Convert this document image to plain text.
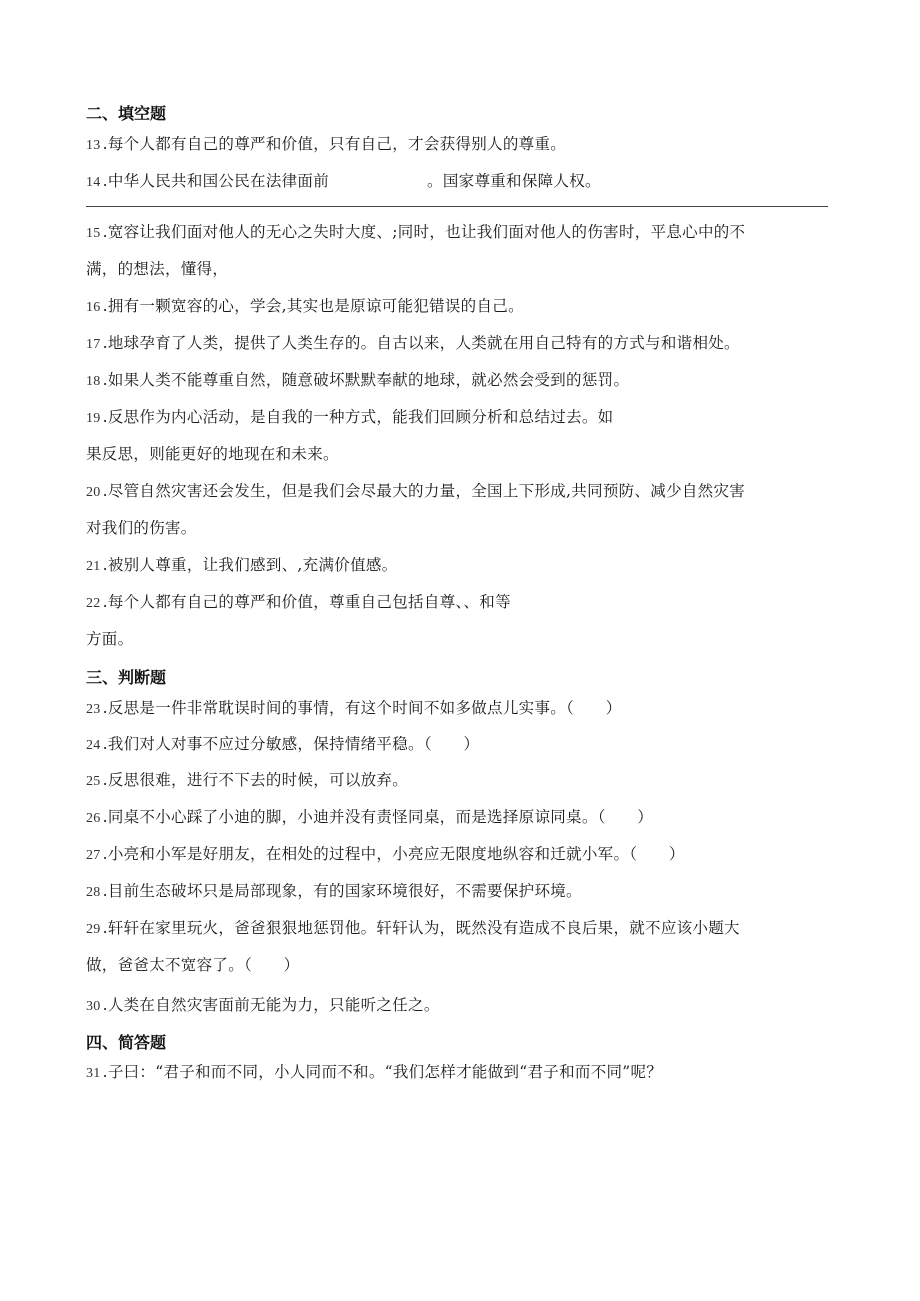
二、填空题
13 .每个人都有自己的尊严和价值，只有自己，才会获得别人的尊重。
14 .中华人民共和国公民在法律面前	。国家尊重和保障人权。
15 .宽容让我们面对他人的无心之失时大度、;同时，也让我们面对他人的伤害时，平息心中的不
满，的想法，懂得，
16 .拥有一颗宽容的心，学会,其实也是原谅可能犯错误的自己。
17 .地球孕育了人类，提供了人类生存的。自古以来，人类就在用自己特有的方式与和谐相处。
18 .如果人类不能尊重自然，随意破坏默默奉献的地球，就必然会受到的惩罚。
19 .反思作为内心活动，是自我的一种方式，能我们回顾分析和总结过去。如
果反思，则能更好的地现在和未来。
20 .尽管自然灾害还会发生，但是我们会尽最大的力量，全国上下形成,共同预防、减少自然灾害
对我们的伤害。
21 .被别人尊重，让我们感到、,充满价值感。
22 .每个人都有自己的尊严和价值，尊重自己包括自尊、、和等
方面。
三、判断题
23 .反思是一件非常耽误时间的事情，有这个时间不如多做点儿实事。（　　）
24 .我们对人对事不应过分敏感，保持情绪平稳。（　　）
25 .反思很难，进行不下去的时候，可以放弃。
26 .同桌不小心踩了小迪的脚，小迪并没有责怪同桌，而是选择原谅同桌。（　　）
27 .小亮和小军是好朋友，在相处的过程中，小亮应无限度地纵容和迁就小军。（　　）
28 .目前生态破坏只是局部现象，有的国家环境很好，不需要保护环境。
29 .轩轩在家里玩火，爸爸狠狠地惩罚他。轩轩认为，既然没有造成不良后果，就不应该小题大
做，爸爸太不宽容了。（　　）
30 .人类在自然灾害面前无能为力，只能听之任之。
四、简答题
31 .子曰：“君子和而不同，小人同而不和。“我们怎样才能做到“君子和而不同”呢？
